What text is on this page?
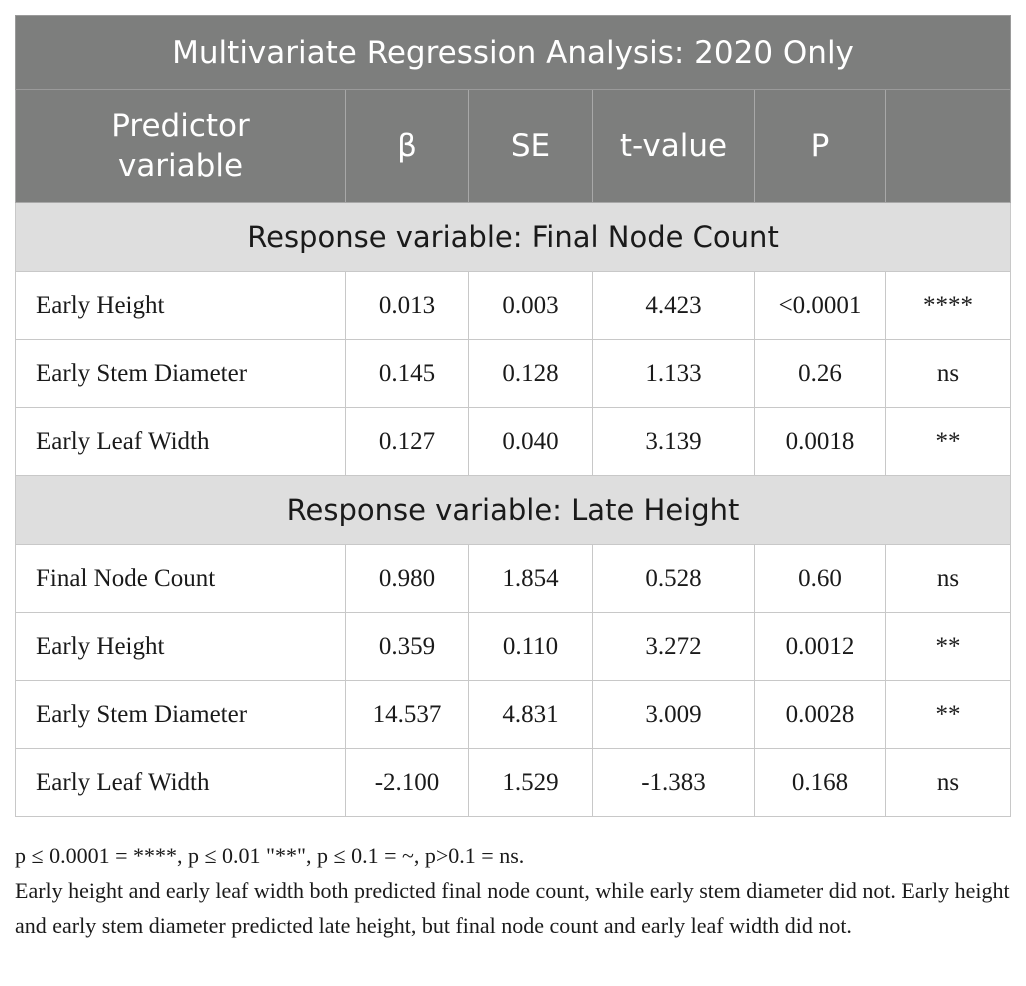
Multivariate Regression Analysis: 2020 Only					
Predictor
variable	β	SE	t-value	P	
Response variable: Final Node Count					
Early Height	0.013	0.003	4.423	<0.0001	****
Early Stem Diameter	0.145	0.128	1.133	0.26	ns
Early Leaf Width	0.127	0.040	3.139	0.0018	**
Response variable: Late Height					
Final Node Count	0.980	1.854	0.528	0.60	ns
Early Height	0.359	0.110	3.272	0.0012	**
Early Stem Diameter	14.537	4.831	3.009	0.0028	**
Early Leaf Width	-2.100	1.529	-1.383	0.168	ns

p ≤ 0.0001 = ****, p ≤ 0.01 "**", p ≤ 0.1 = ~, p>0.1 = ns.

Early height and early leaf width both predicted final node count, while early stem diameter did not. Early height and early stem diameter predicted late height, but final node count and early leaf width did not.
